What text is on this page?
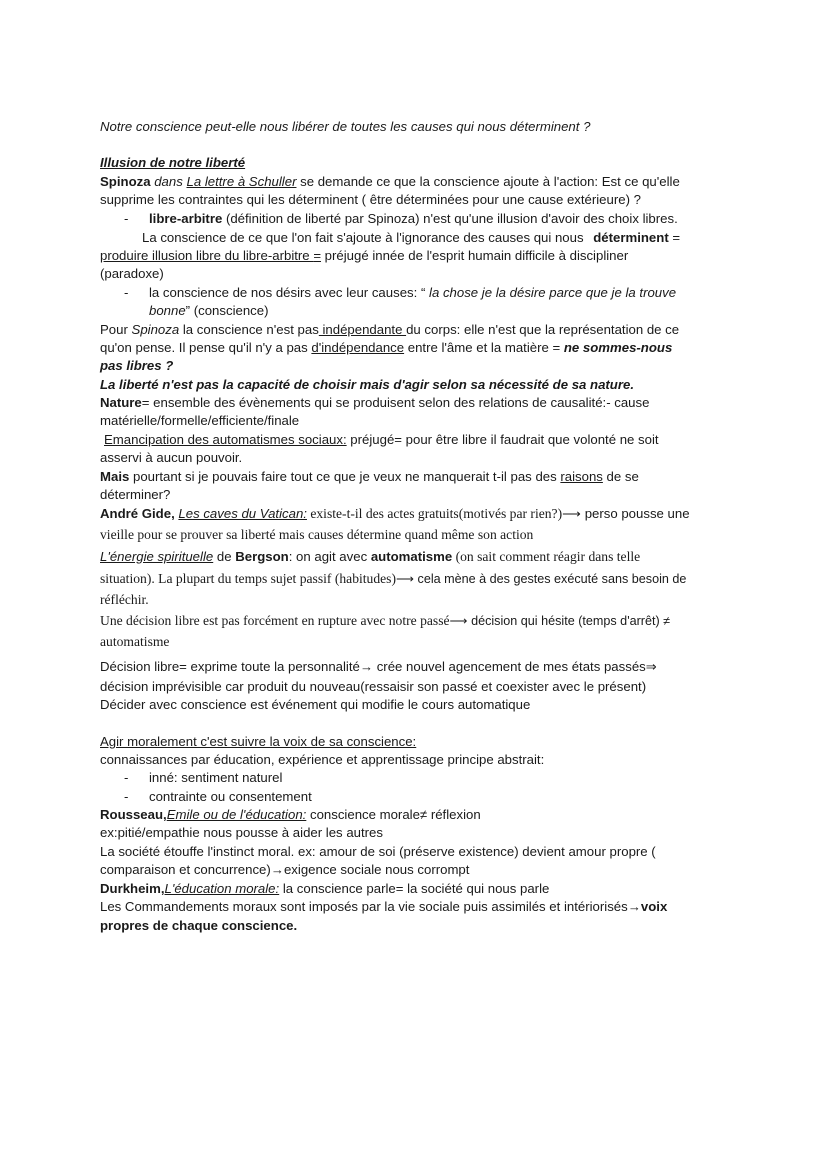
Notre conscience peut-elle nous libérer de toutes les causes qui nous déterminent ?
Illusion de notre liberté
Spinoza dans La lettre à Schuller se demande ce que la conscience ajoute à l'action: Est ce qu'elle
supprime les contraintes qui les déterminent ( être déterminées pour une cause extérieure) ?
- libre-arbitre (définition de liberté par Spinoza) n'est qu'une illusion d'avoir des choix libres.
La conscience de ce que l'on fait s'ajoute à l'ignorance des causes qui nous déterminent =
produire illusion libre du libre-arbitre = préjugé innée de l'esprit humain difficile à discipliner
(paradoxe)
- la conscience de nos désirs avec leur causes: “ la chose je la désire parce que je la trouve
bonne” (conscience)
Pour Spinoza la conscience n'est pas indépendante du corps: elle n'est que la représentation de ce
qu'on pense. Il pense qu'il n'y a pas d'indépendance entre l'âme et la matière = ne sommes-nous
pas libres ?
La liberté n'est pas la capacité de choisir mais d'agir selon sa nécessité de sa nature.
Nature= ensemble des évènements qui se produisent selon des relations de causalité:- cause
matérielle/formelle/efficiente/finale
Emancipation des automatismes sociaux: préjugé= pour être libre il faudrait que volonté ne soit
asservi à aucun pouvoir.
Mais pourtant si je pouvais faire tout ce que je veux ne manquerait t-il pas des raisons de se
déterminer?
André Gide, Les caves du Vatican: existe-t-il des actes gratuits(motivés par rien?)⟶ perso pousse une
vieille pour se prouver sa liberté mais causes détermine quand même son action
L'énergie spirituelle de Bergson: on agit avec automatisme (on sait comment réagir dans telle
situation). La plupart du temps sujet passif (habitudes)⟶ cela mène à des gestes exécuté sans besoin de
réfléchir.
Une décision libre est pas forcément en rupture avec notre passé⟶ décision qui hésite (temps d'arrêt) ≠
automatisme
Décision libre= exprime toute la personnalité→ crée nouvel agencement de mes états passés⇒
décision imprévisible car produit du nouveau(ressaisir son passé et coexister avec le présent)
Décider avec conscience est événement qui modifie le cours automatique
Agir moralement c'est suivre la voix de sa conscience:
connaissances par éducation, expérience et apprentissage principe abstrait:
- inné: sentiment naturel
- contrainte ou consentement
Rousseau,Emile ou de l'éducation: conscience morale≠ réflexion
ex:pitié/empathie nous pousse à aider les autres
La société étouffe l'instinct moral. ex: amour de soi (préserve existence) devient amour propre (
comparaison et concurrence)→exigence sociale nous corrompt
Durkheim,L'éducation morale: la conscience parle= la société qui nous parle
Les Commandements moraux sont imposés par la vie sociale puis assimilés et intériorisés→voix
propres de chaque conscience.
